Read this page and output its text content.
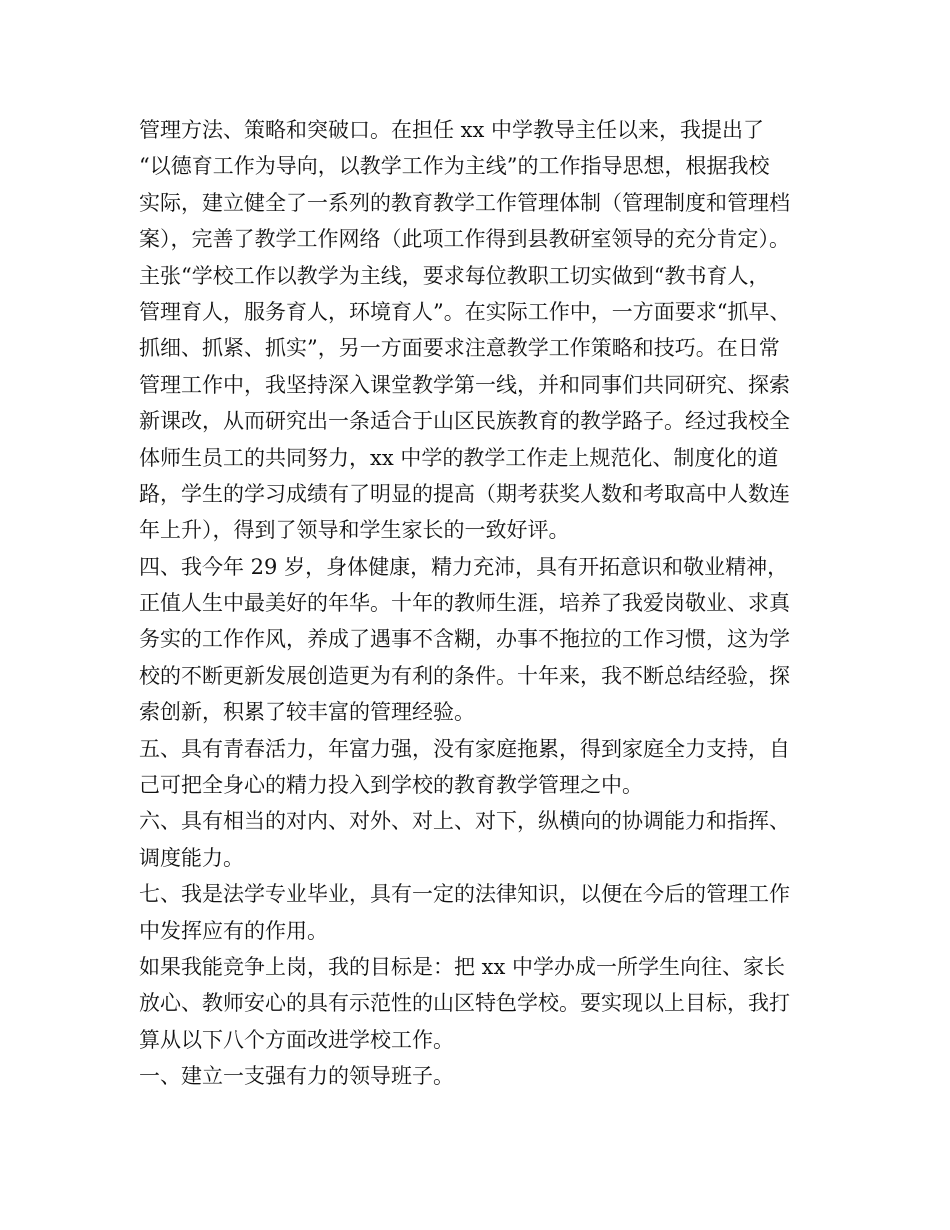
管理方法、策略和突破口。在担任 xx 中学教导主任以来，我提出了
“以德育工作为导向，以教学工作为主线”的工作指导思想，根据我校
实际，建立健全了一系列的教育教学工作管理体制（管理制度和管理档
案），完善了教学工作网络（此项工作得到县教研室领导的充分肯定）。
主张“学校工作以教学为主线，要求每位教职工切实做到“教书育人，
管理育人，服务育人，环境育人”。在实际工作中，一方面要求“抓早、
抓细、抓紧、抓实”，另一方面要求注意教学工作策略和技巧。在日常
管理工作中，我坚持深入课堂教学第一线，并和同事们共同研究、探索
新课改，从而研究出一条适合于山区民族教育的教学路子。经过我校全
体师生员工的共同努力，xx 中学的教学工作走上规范化、制度化的道
路，学生的学习成绩有了明显的提高（期考获奖人数和考取高中人数连
年上升），得到了领导和学生家长的一致好评。
四、我今年 29 岁，身体健康，精力充沛，具有开拓意识和敬业精神，
正值人生中最美好的年华。十年的教师生涯，培养了我爱岗敬业、求真
务实的工作作风，养成了遇事不含糊，办事不拖拉的工作习惯，这为学
校的不断更新发展创造更为有利的条件。十年来，我不断总结经验，探
索创新，积累了较丰富的管理经验。
五、具有青春活力，年富力强，没有家庭拖累，得到家庭全力支持，自
己可把全身心的精力投入到学校的教育教学管理之中。
六、具有相当的对内、对外、对上、对下，纵横向的协调能力和指挥、
调度能力。
七、我是法学专业毕业，具有一定的法律知识，以便在今后的管理工作
中发挥应有的作用。
如果我能竞争上岗，我的目标是：把 xx 中学办成一所学生向往、家长
放心、教师安心的具有示范性的山区特色学校。要实现以上目标，我打
算从以下八个方面改进学校工作。
一、建立一支强有力的领导班子。
